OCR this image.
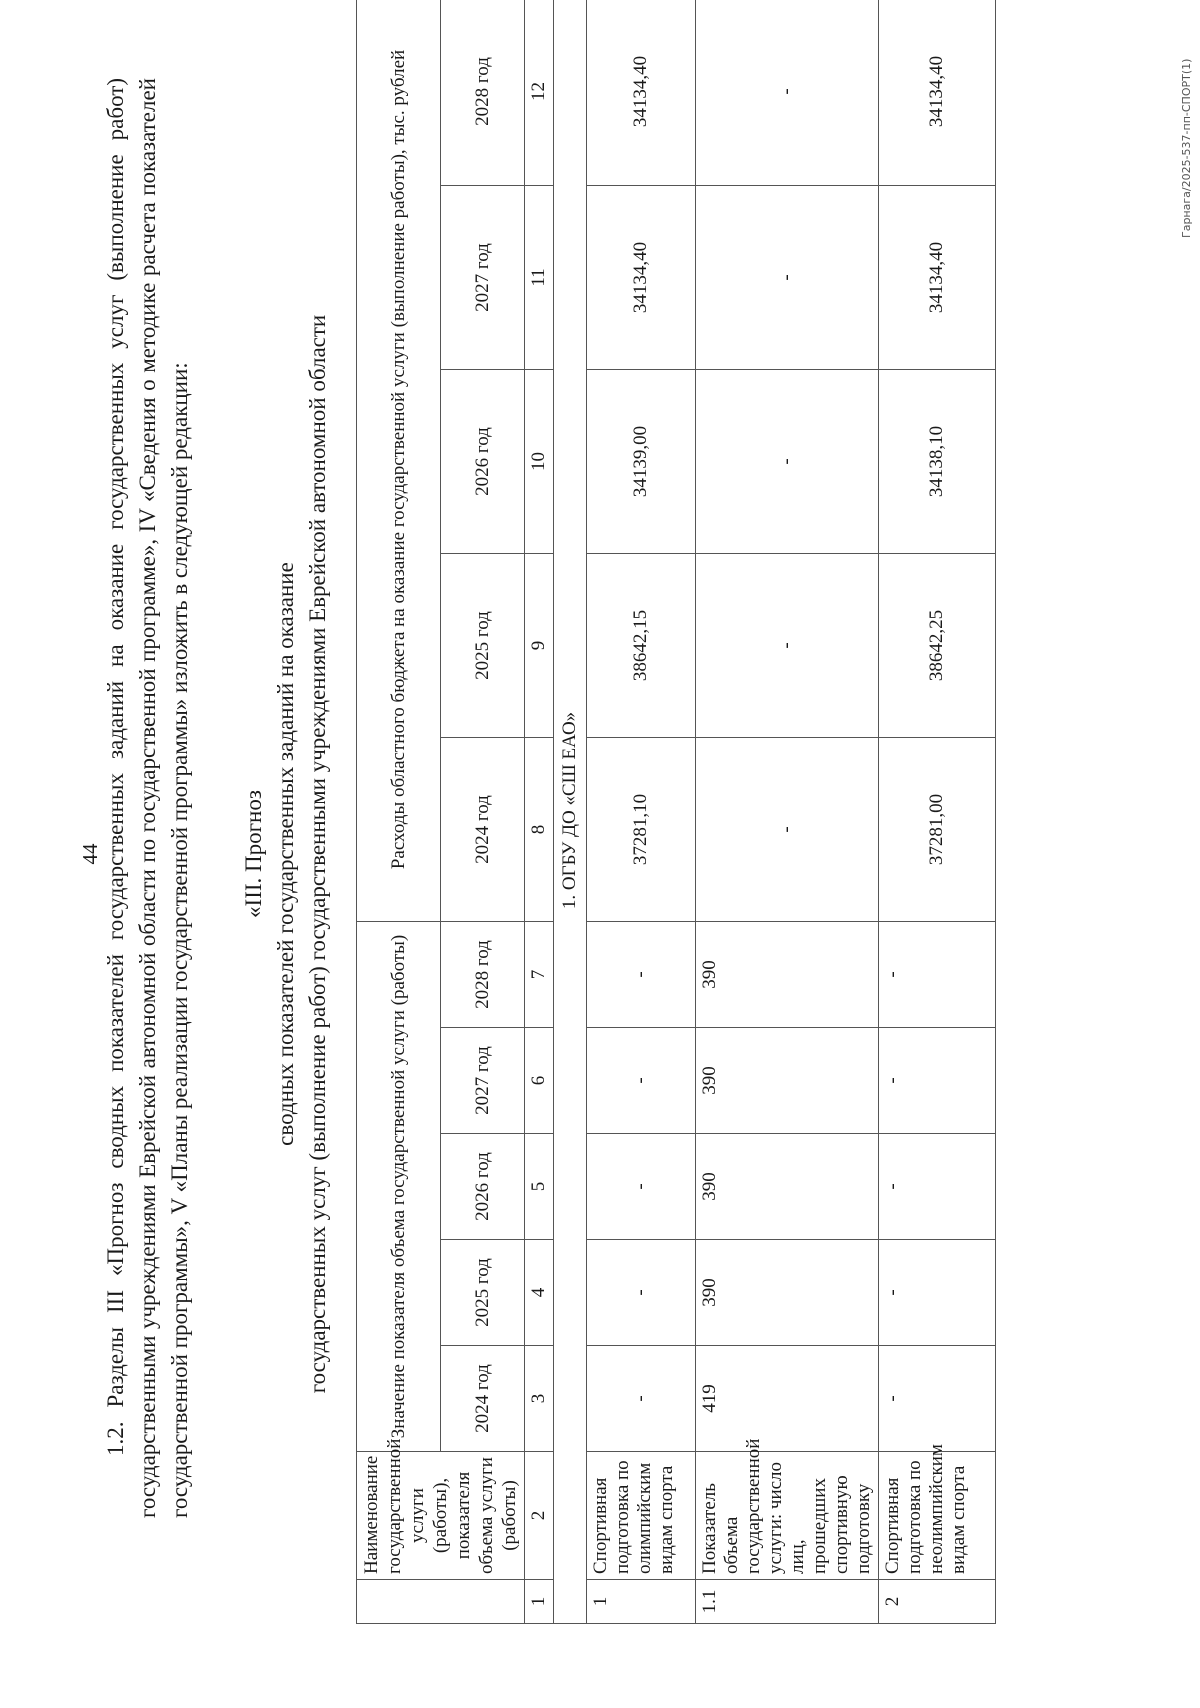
44 1.2. Разделы III «Прогноз сводных показателей государственных заданий на оказание государственных услуг (выполнение работ) государственными учреждениями Еврейской автономной области по государственной программе», IV «Сведения о методике расчета показателей государственной программы», V «Планы реализации государственной программы» изложить в следующей редакции: «III. Прогноз сводных показателей государственных заданий на оказание государственных услуг (выполнение работ) государственными учреждениями Еврейской автономной области
	Наименование государственной услуги (работы), показателя объема услуги (работы)	Значение показателя объема государственной услуги (работы)					Расходы областного бюджета на оказание государственной услуги (выполнение работы), тыс. рублей				
		2024 год	2025 год	2026 год	2027 год	2028 год	2024 год	2025 год	2026 год	2027 год	2028 год
1	2	3	4	5	6	7	8	9	10	11	12
1. ОГБУ ДО «СШ ЕАО»											
1	Спортивная подготовка по олимпийским видам спорта	-	-	-	-	-	37281,10	38642,15	34139,00	34134,40	34134,40
1.1	Показатель объема государственной услуги: число лиц, прошедших спортивную подготовку	419	390	390	390	390	-	-	-	-	-
2	Спортивная подготовка по неолимпийским видам спорта	-	-	-	-	-	37281,00	38642,25	34138,10	34134,40	34134,40	Гарнага/2025-537-пп-СПОРТ(1)
